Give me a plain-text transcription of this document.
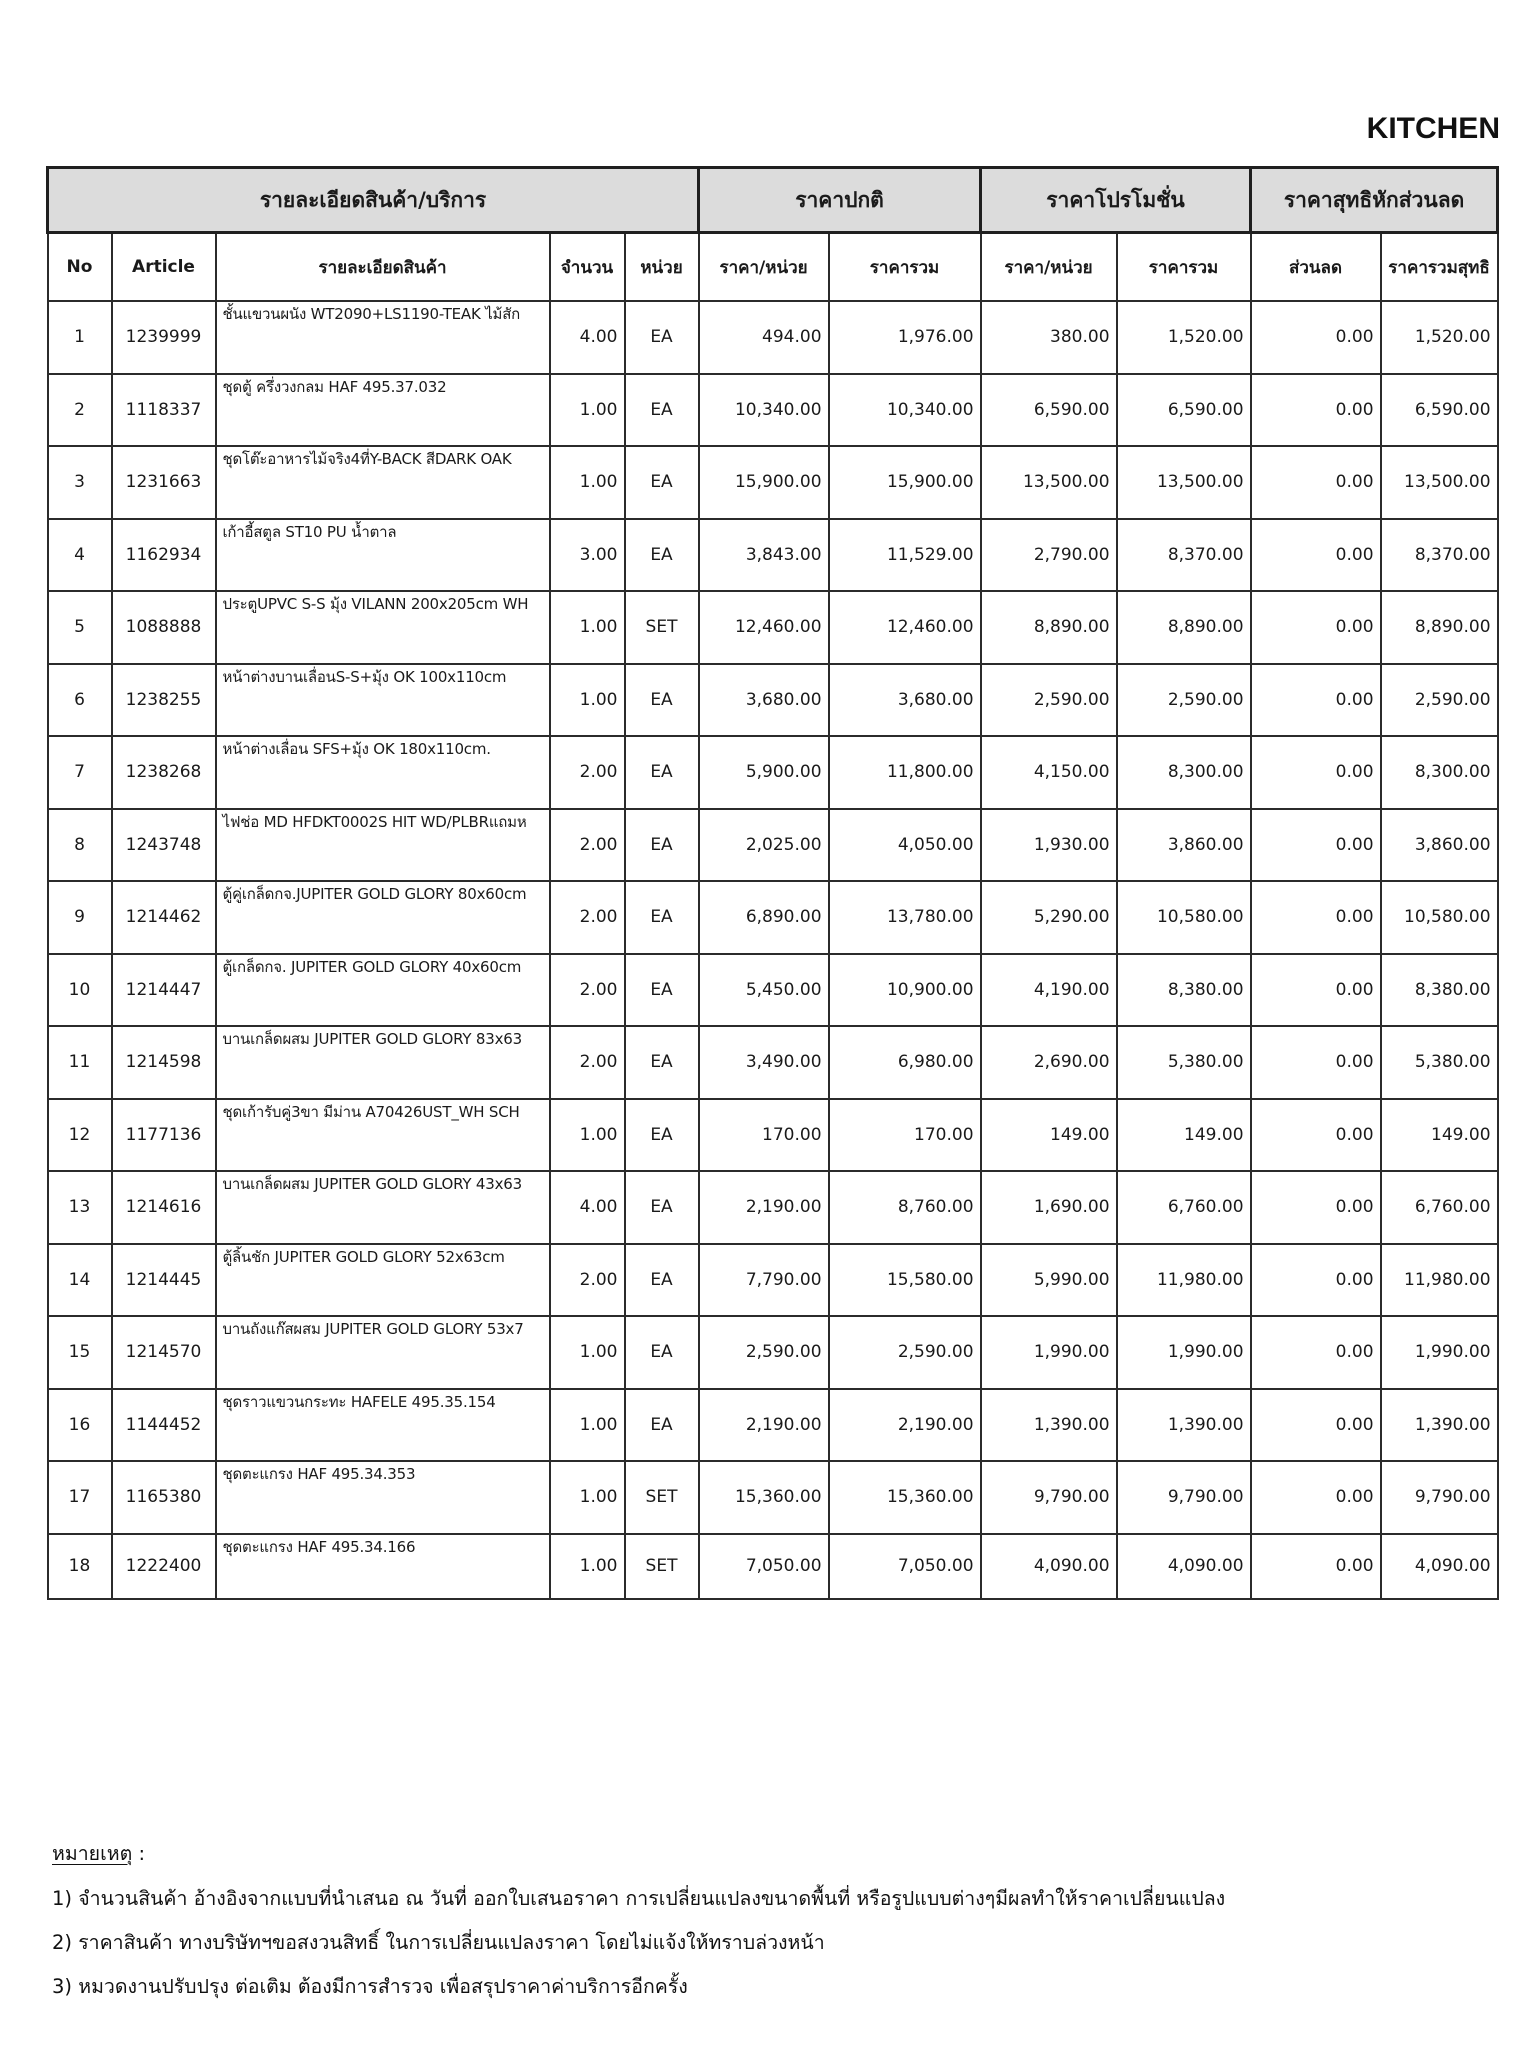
KITCHEN
รายละเอียดสินค้า/บริการ					ราคาปกติ		ราคาโปรโมชั่น		ราคาสุทธิหักส่วนลด	
No	Article	รายละเอียดสินค้า	จำนวน	หน่วย	ราคา/หน่วย	ราคารวม	ราคา/หน่วย	ราคารวม	ส่วนลด	ราคารวมสุทธิ
1	1239999	ชั้นแขวนผนัง WT2090+LS1190-TEAK ไม้สัก	4.00	EA	494.00	1,976.00	380.00	1,520.00	0.00	1,520.00
2	1118337	ชุดตู้ ครึ่งวงกลม HAF 495.37.032	1.00	EA	10,340.00	10,340.00	6,590.00	6,590.00	0.00	6,590.00
3	1231663	ชุดโต๊ะอาหารไม้จริง4ที่Y-BACK สีDARK OAK	1.00	EA	15,900.00	15,900.00	13,500.00	13,500.00	0.00	13,500.00
4	1162934	เก้าอี้สตูล ST10 PU น้ำตาล	3.00	EA	3,843.00	11,529.00	2,790.00	8,370.00	0.00	8,370.00
5	1088888	ประตูUPVC S-S มุ้ง VILANN 200x205cm WH	1.00	SET	12,460.00	12,460.00	8,890.00	8,890.00	0.00	8,890.00
6	1238255	หน้าต่างบานเลื่อนS-S+มุ้ง OK 100x110cm	1.00	EA	3,680.00	3,680.00	2,590.00	2,590.00	0.00	2,590.00
7	1238268	หน้าต่างเลื่อน SFS+มุ้ง OK 180x110cm.	2.00	EA	5,900.00	11,800.00	4,150.00	8,300.00	0.00	8,300.00
8	1243748	ไฟช่อ MD HFDKT0002S HIT WD/PLBRแถมห	2.00	EA	2,025.00	4,050.00	1,930.00	3,860.00	0.00	3,860.00
9	1214462	ตู้คู่เกล็ดกจ.JUPITER GOLD GLORY 80x60cm	2.00	EA	6,890.00	13,780.00	5,290.00	10,580.00	0.00	10,580.00
10	1214447	ตู้เกล็ดกจ. JUPITER GOLD GLORY 40x60cm	2.00	EA	5,450.00	10,900.00	4,190.00	8,380.00	0.00	8,380.00
11	1214598	บานเกล็ดผสม JUPITER GOLD GLORY 83x63	2.00	EA	3,490.00	6,980.00	2,690.00	5,380.00	0.00	5,380.00
12	1177136	ชุดเก้ารับคู่3ขา มีม่าน A70426UST_WH SCH	1.00	EA	170.00	170.00	149.00	149.00	0.00	149.00
13	1214616	บานเกล็ดผสม JUPITER GOLD GLORY 43x63	4.00	EA	2,190.00	8,760.00	1,690.00	6,760.00	0.00	6,760.00
14	1214445	ตู้ลิ้นชัก JUPITER GOLD GLORY 52x63cm	2.00	EA	7,790.00	15,580.00	5,990.00	11,980.00	0.00	11,980.00
15	1214570	บานถังแก๊สผสม JUPITER GOLD GLORY 53x7	1.00	EA	2,590.00	2,590.00	1,990.00	1,990.00	0.00	1,990.00
16	1144452	ชุดราวแขวนกระทะ HAFELE 495.35.154	1.00	EA	2,190.00	2,190.00	1,390.00	1,390.00	0.00	1,390.00
17	1165380	ชุดตะแกรง HAF 495.34.353	1.00	SET	15,360.00	15,360.00	9,790.00	9,790.00	0.00	9,790.00
18	1222400	ชุดตะแกรง HAF 495.34.166	1.00	SET	7,050.00	7,050.00	4,090.00	4,090.00	0.00	4,090.00
หมายเหตุ :
1) จำนวนสินค้า อ้างอิงจากแบบที่นำเสนอ ณ วันที่ ออกใบเสนอราคา การเปลี่ยนแปลงขนาดพื้นที่ หรือรูปแบบต่างๆมีผลทำให้ราคาเปลี่ยนแปลง
2) ราคาสินค้า ทางบริษัทฯขอสงวนสิทธิ์ ในการเปลี่ยนแปลงราคา โดยไม่แจ้งให้ทราบล่วงหน้า
3) หมวดงานปรับปรุง ต่อเติม ต้องมีการสำรวจ เพื่อสรุปราคาค่าบริการอีกครั้ง
